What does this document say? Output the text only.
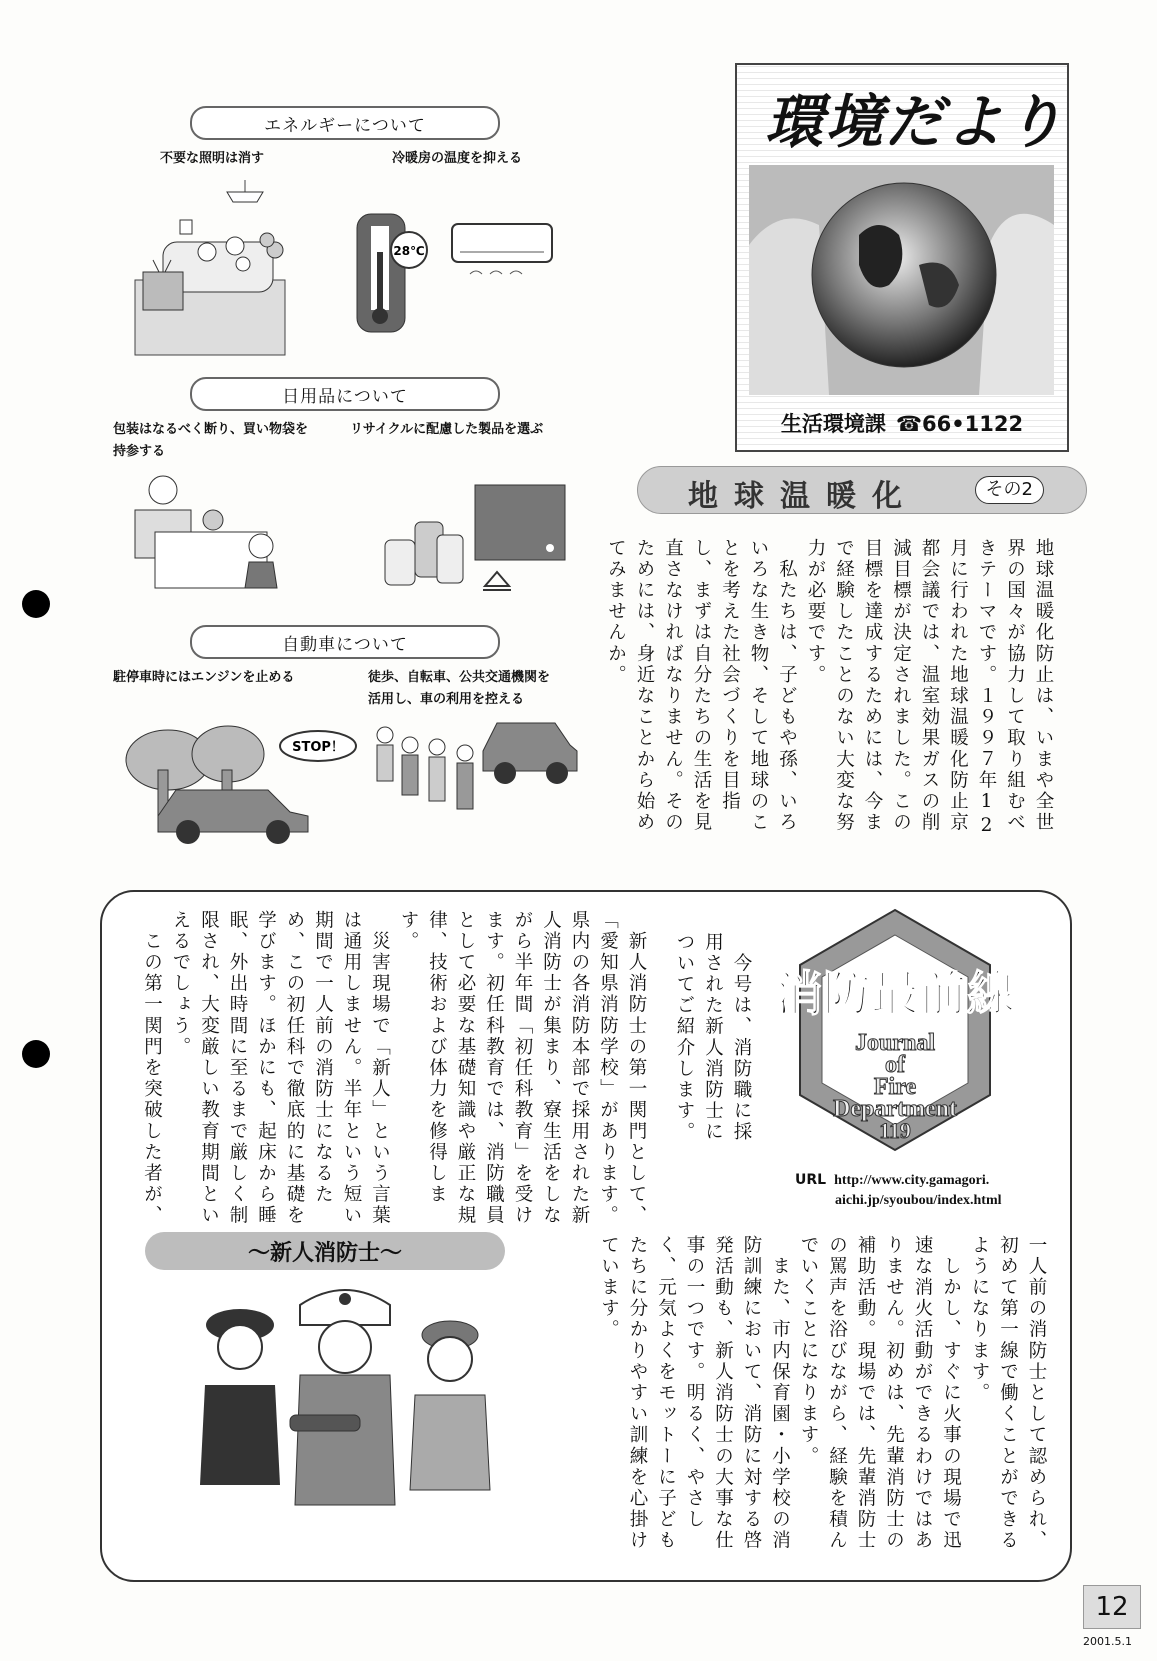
エネルギーについて
不要な照明は消す	冷暖房の温度を抑える
28℃
日用品について
包装はなるべく断り、買い物袋を
持参する
リサイクルに配慮した製品を選ぶ
自動車について
駐停車時にはエンジンを止める	徒歩、自転車、公共交通機関を
活用し、車の利用を控える
STOP！
環境だより
生活環境課 ☎66•1122
地球温暖化	その2
地球温暖化防止は、いまや全世界の国々が協力して取り組むべきテーマです。１９９７年12月に行われた地球温暖化防止京都会議では、温室効果ガスの削減目標が決定されました。この目標を達成するためには、今まで経験したことのない大変な努力が必要です。
　私たちは、子どもや孫、いろいろな生き物、そして地球のことを考えた社会づくりを目指し、まずは自分たちの生活を見直さなければなりません。そのためには、身近なことから始めてみませんか。
消防最前線
Journal
of
Fire
Department
119
URL http://www.city.gamagori.
aichi.jp/syoubou/index.html
　今号は、消防職に採用された新人消防士についてご紹介します。
　新人消防士の第一関門として、「愛知県消防学校」があります。県内の各消防本部で採用された新人消防士が集まり、寮生活をしながら半年間「初任科教育」を受けます。初任科教育では、消防職員として必要な基礎知識や厳正な規律、技術および体力を修得します。
　災害現場で「新人」という言葉は通用しません。半年という短い期間で一人前の消防士になるため、この初任科で徹底的に基礎を学びます。ほかにも、起床から睡眠、外出時間に至るまで厳しく制限され、大変厳しい教育期間といえるでしょう。
　この第一関門を突破した者が、
一人前の消防士として認められ、初めて第一線で働くことができるようになります。
　しかし、すぐに火事の現場で迅速な消火活動ができるわけではありません。初めは、先輩消防士の補助活動。現場では、先輩消防士の罵声を浴びながら、経験を積んでいくことになります。
　また、市内保育園・小学校の消防訓練において、消防に対する啓発活動も、新人消防士の大事な仕事の一つです。明るく、やさしく、元気よくをモットーに子どもたちに分かりやすい訓練を心掛けています。
～新人消防士～
12
2001.5.1
